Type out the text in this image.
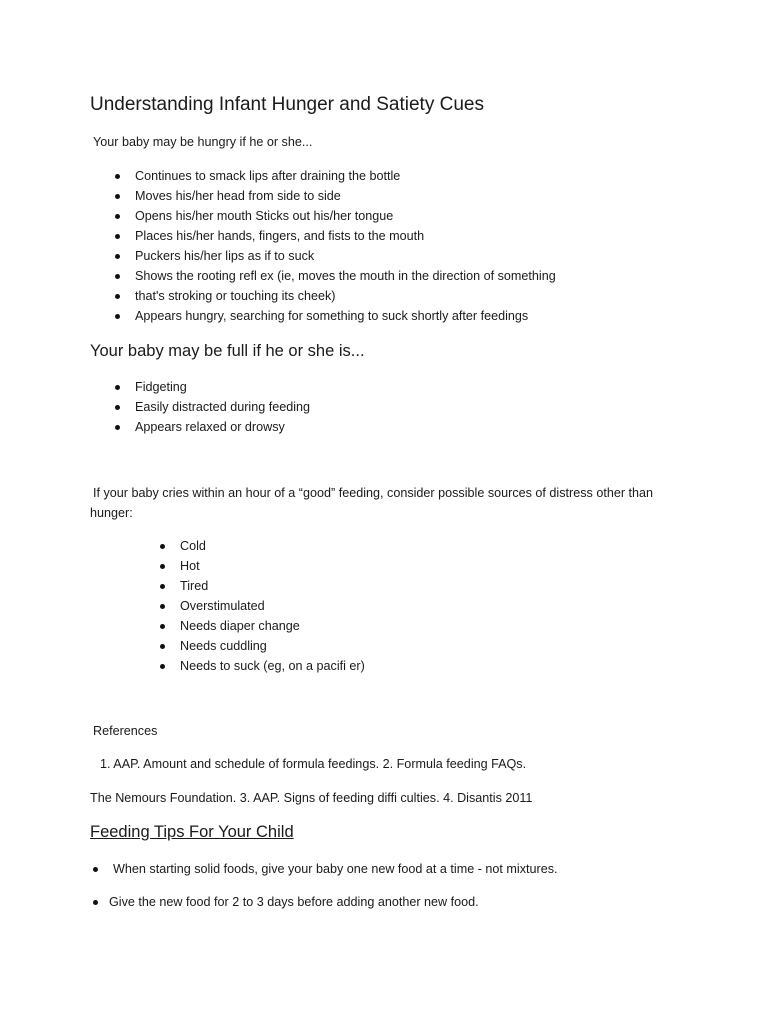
Understanding Infant Hunger and Satiety Cues
Your baby may be hungry if he or she...
Continues to smack lips after draining the bottle
Moves his/her head from side to side
Opens his/her mouth Sticks out his/her tongue
Places his/her hands, fingers, and fists to the mouth
Puckers his/her lips as if to suck
Shows the rooting refl ex (ie, moves the mouth in the direction of something
that's stroking or touching its cheek)
Appears hungry, searching for something to suck shortly after feedings
Your baby may be full if he or she is...
Fidgeting
Easily distracted during feeding
Appears relaxed or drowsy
If your baby cries within an hour of a “good” feeding, consider possible sources of distress other than
hunger:
Cold
Hot
Tired
Overstimulated
Needs diaper change
Needs cuddling
Needs to suck (eg, on a pacifi er)
References
1. AAP. Amount and schedule of formula feedings. 2. Formula feeding FAQs.
The Nemours Foundation. 3. AAP. Signs of feeding diffi culties. 4. Disantis 2011
Feeding Tips For Your Child
When starting solid foods, give your baby one new food at a time - not mixtures.
Give the new food for 2 to 3 days before adding another new food.
